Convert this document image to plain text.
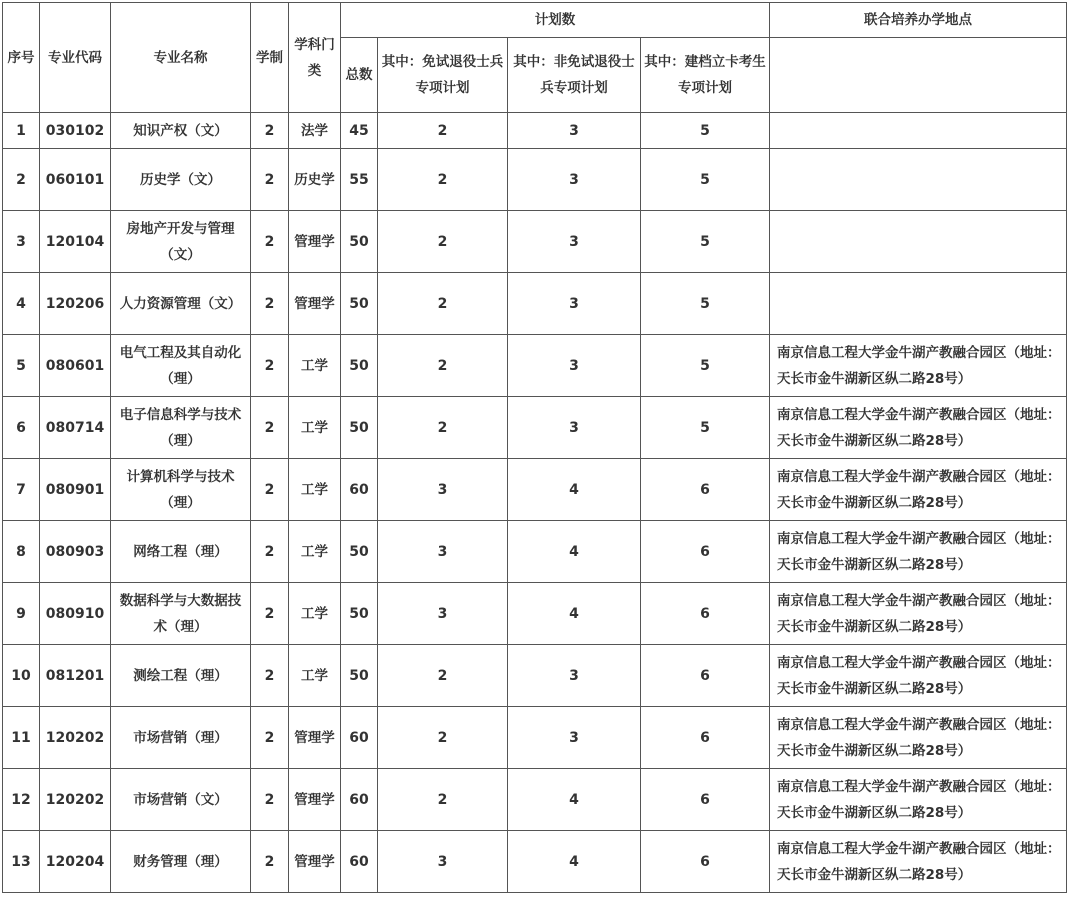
序号	专业代码	专业名称	学制	学科门类	计划数				联合培养办学地点
					总数	其中：免试退役士兵专项计划	其中：非免试退役士兵专项计划	其中：建档立卡考生专项计划	
1	030102	知识产权（文）	2	法学	45	2	3	5	
2	060101	历史学（文）	2	历史学	55	2	3	5	
3	120104	房地产开发与管理（文）	2	管理学	50	2	3	5	
4	120206	人力资源管理（文）	2	管理学	50	2	3	5	
5	080601	电气工程及其自动化（理）	2	工学	50	2	3	5	南京信息工程大学金牛湖产教融合园区（地址：天长市金牛湖新区纵二路28号）
6	080714	电子信息科学与技术（理）	2	工学	50	2	3	5	南京信息工程大学金牛湖产教融合园区（地址：天长市金牛湖新区纵二路28号）
7	080901	计算机科学与技术（理）	2	工学	60	3	4	6	南京信息工程大学金牛湖产教融合园区（地址：天长市金牛湖新区纵二路28号）
8	080903	网络工程（理）	2	工学	50	3	4	6	南京信息工程大学金牛湖产教融合园区（地址：天长市金牛湖新区纵二路28号）
9	080910	数据科学与大数据技术（理）	2	工学	50	3	4	6	南京信息工程大学金牛湖产教融合园区（地址：天长市金牛湖新区纵二路28号）
10	081201	测绘工程（理）	2	工学	50	2	3	6	南京信息工程大学金牛湖产教融合园区（地址：天长市金牛湖新区纵二路28号）
11	120202	市场营销（理）	2	管理学	60	2	3	6	南京信息工程大学金牛湖产教融合园区（地址：天长市金牛湖新区纵二路28号）
12	120202	市场营销（文）	2	管理学	60	2	4	6	南京信息工程大学金牛湖产教融合园区（地址：天长市金牛湖新区纵二路28号）
13	120204	财务管理（理）	2	管理学	60	3	4	6	南京信息工程大学金牛湖产教融合园区（地址：天长市金牛湖新区纵二路28号）
